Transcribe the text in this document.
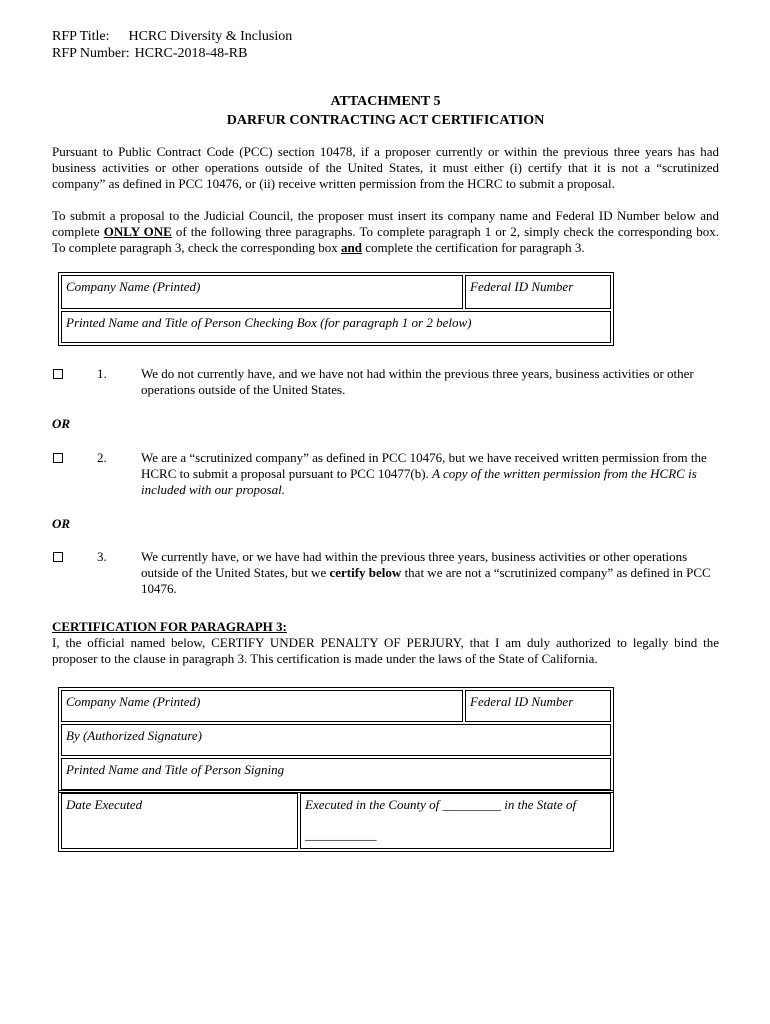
RFP Title: HCRC Diversity & Inclusion
RFP Number: HCRC-2018-48-RB
ATTACHMENT 5
DARFUR CONTRACTING ACT CERTIFICATION

Pursuant to Public Contract Code (PCC) section 10478, if a proposer currently or within the previous three years has had business activities or other operations outside of the United States, it must either (i) certify that it is not a “scrutinized company” as defined in PCC 10476, or (ii) receive written permission from the HCRC to submit a proposal.

To submit a proposal to the Judicial Council, the proposer must insert its company name and Federal ID Number below and complete ONLY ONE of the following three paragraphs. To complete paragraph 1 or 2, simply check the corresponding box. To complete paragraph 3, check the corresponding box and complete the certification for paragraph 3.

Company Name (Printed)	Federal ID Number
Printed Name and Title of Person Checking Box (for paragraph 1 or 2 below)
1.	We do not currently have, and we have not had within the previous three years, business activities or other operations outside of the United States.
OR
2.	We are a “scrutinized company” as defined in PCC 10476, but we have received written permission from the HCRC to submit a proposal pursuant to PCC 10477(b). A copy of the written permission from the HCRC is included with our proposal.
OR
3.	We currently have, or we have had within the previous three years, business activities or other operations outside of the United States, but we certify below that we are not a “scrutinized company” as defined in PCC 10476.
CERTIFICATION FOR PARAGRAPH 3:

I, the official named below, CERTIFY UNDER PENALTY OF PERJURY, that I am duly authorized to legally bind the proposer to the clause in paragraph 3. This certification is made under the laws of the State of California.

Company Name (Printed)	Federal ID Number
By (Authorized Signature)
Printed Name and Title of Person Signing
Date Executed	Executed in the County of _________ in the State of
___________
